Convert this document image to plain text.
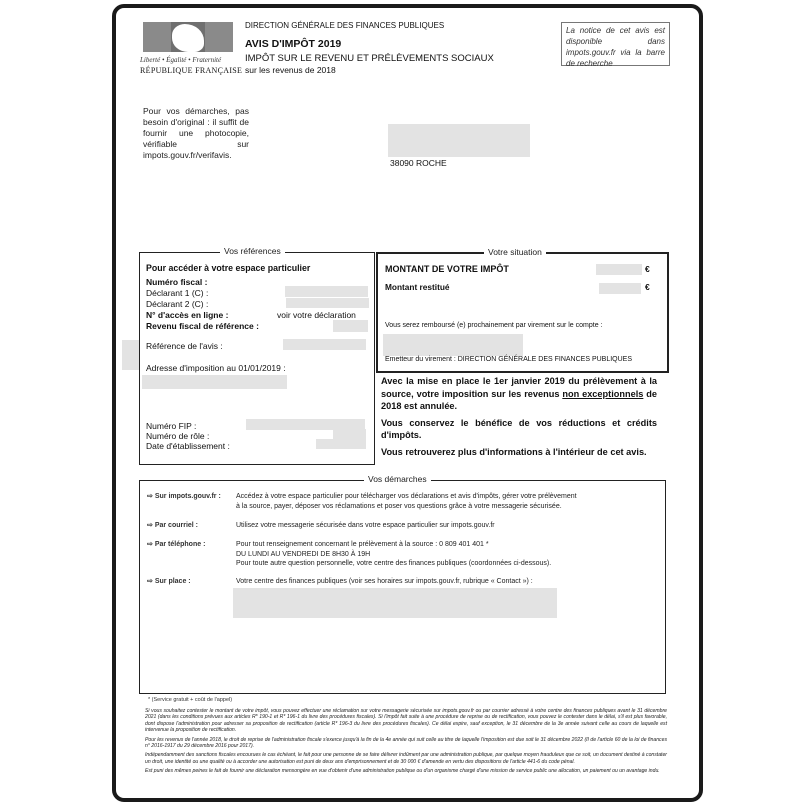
Liberté • Égalité • Fraternité
RÉPUBLIQUE FRANÇAISE
DIRECTION GÉNÉRALE DES FINANCES PUBLIQUES
AVIS D'IMPÔT 2019
IMPÔT SUR LE REVENU ET PRÉLÈVEMENTS SOCIAUX
sur les revenus de 2018
La notice de cet avis est disponible dans impots.gouv.fr via la barre de recherche
Pour vos démarches, pas besoin d'original : il suffit de fournir une photocopie, vérifiable sur impots.gouv.fr/verifavis.
38090 ROCHE
Vos références
Pour accéder à votre espace particulier
Numéro fiscal :
Déclarant 1 (C) :
Déclarant 2 (C) :
N° d'accès en ligne :	voir votre déclaration
Revenu fiscal de référence :
Référence de l'avis :
Adresse d'imposition au 01/01/2019 :
Numéro FIP :
Numéro de rôle :
Date d'établissement :
Votre situation
MONTANT DE VOTRE IMPÔT	€
Montant restitué	€
Vous serez remboursé (e) prochainement par virement sur le compte :
Emetteur du virement : DIRECTION GÉNÉRALE DES FINANCES PUBLIQUES

Avec la mise en place le 1er janvier 2019 du prélèvement à la source, votre imposition sur les revenus non exceptionnels de 2018 est annulée.

Vous conservez le bénéfice de vos réductions et crédits d'impôts.

Vous retrouverez plus d'informations à l'intérieur de cet avis.

Vos démarches
⇨ Sur impots.gouv.fr : Accédez à votre espace particulier pour télécharger vos déclarations et avis d'impôts, gérer votre prélèvement
à la source, payer, déposer vos réclamations et poser vos questions grâce à votre messagerie sécurisée.
⇨ Par courriel :	Utilisez votre messagerie sécurisée dans votre espace particulier sur impots.gouv.fr
⇨ Par téléphone :	Pour tout renseignement concernant le prélèvement à la source : 0 809 401 401 *
DU LUNDI AU VENDREDI DE 8H30 À 19H
Pour toute autre question personnelle, votre centre des finances publiques (coordonnées ci-dessous).
⇨ Sur place :	Votre centre des finances publiques (voir ses horaires sur impots.gouv.fr, rubrique « Contact ») :
* (Service gratuit + coût de l'appel)

Si vous souhaitez contester le montant de votre impôt, vous pouvez effectuer une réclamation sur votre messagerie sécurisée sur impots.gouv.fr ou par courrier adressé à votre centre des finances publiques avant le 31 décembre 2021 (dans les conditions prévues aux articles R* 190-1 et R* 196-1 du livre des procédures fiscales). Si l'impôt fait suite à une procédure de reprise ou de rectification, vous pouvez le contester dans le délai, s'il est plus favorable, dont dispose l'administration pour adresser sa proposition de rectification (article R* 196-3 du livre des procédures fiscales). Ce délai expire, sauf exception, le 31 décembre de la 3e année suivant celle au cours de laquelle est intervenue la proposition de rectification.

Pour les revenus de l'année 2018, le droit de reprise de l'administration fiscale s'exerce jusqu'à la fin de la 4e année qui suit celle au titre de laquelle l'imposition est due soit le 31 décembre 2022 (II de l'article 60 de la loi de finances n° 2016-1917 du 29 décembre 2016 pour 2017).

Indépendamment des sanctions fiscales encourues le cas échéant, le fait pour une personne de se faire délivrer indûment par une administration publique, par quelque moyen frauduleux que ce soit, un document destiné à constater un droit, une identité ou une qualité ou à accorder une autorisation est puni de deux ans d'emprisonnement et de 30 000 € d'amende en vertu des dispositions de l'article 441-6 du code pénal.

Est puni des mêmes peines le fait de fournir une déclaration mensongère en vue d'obtenir d'une administration publique ou d'un organisme chargé d'une mission de service public une allocation, un paiement ou un avantage indu.
